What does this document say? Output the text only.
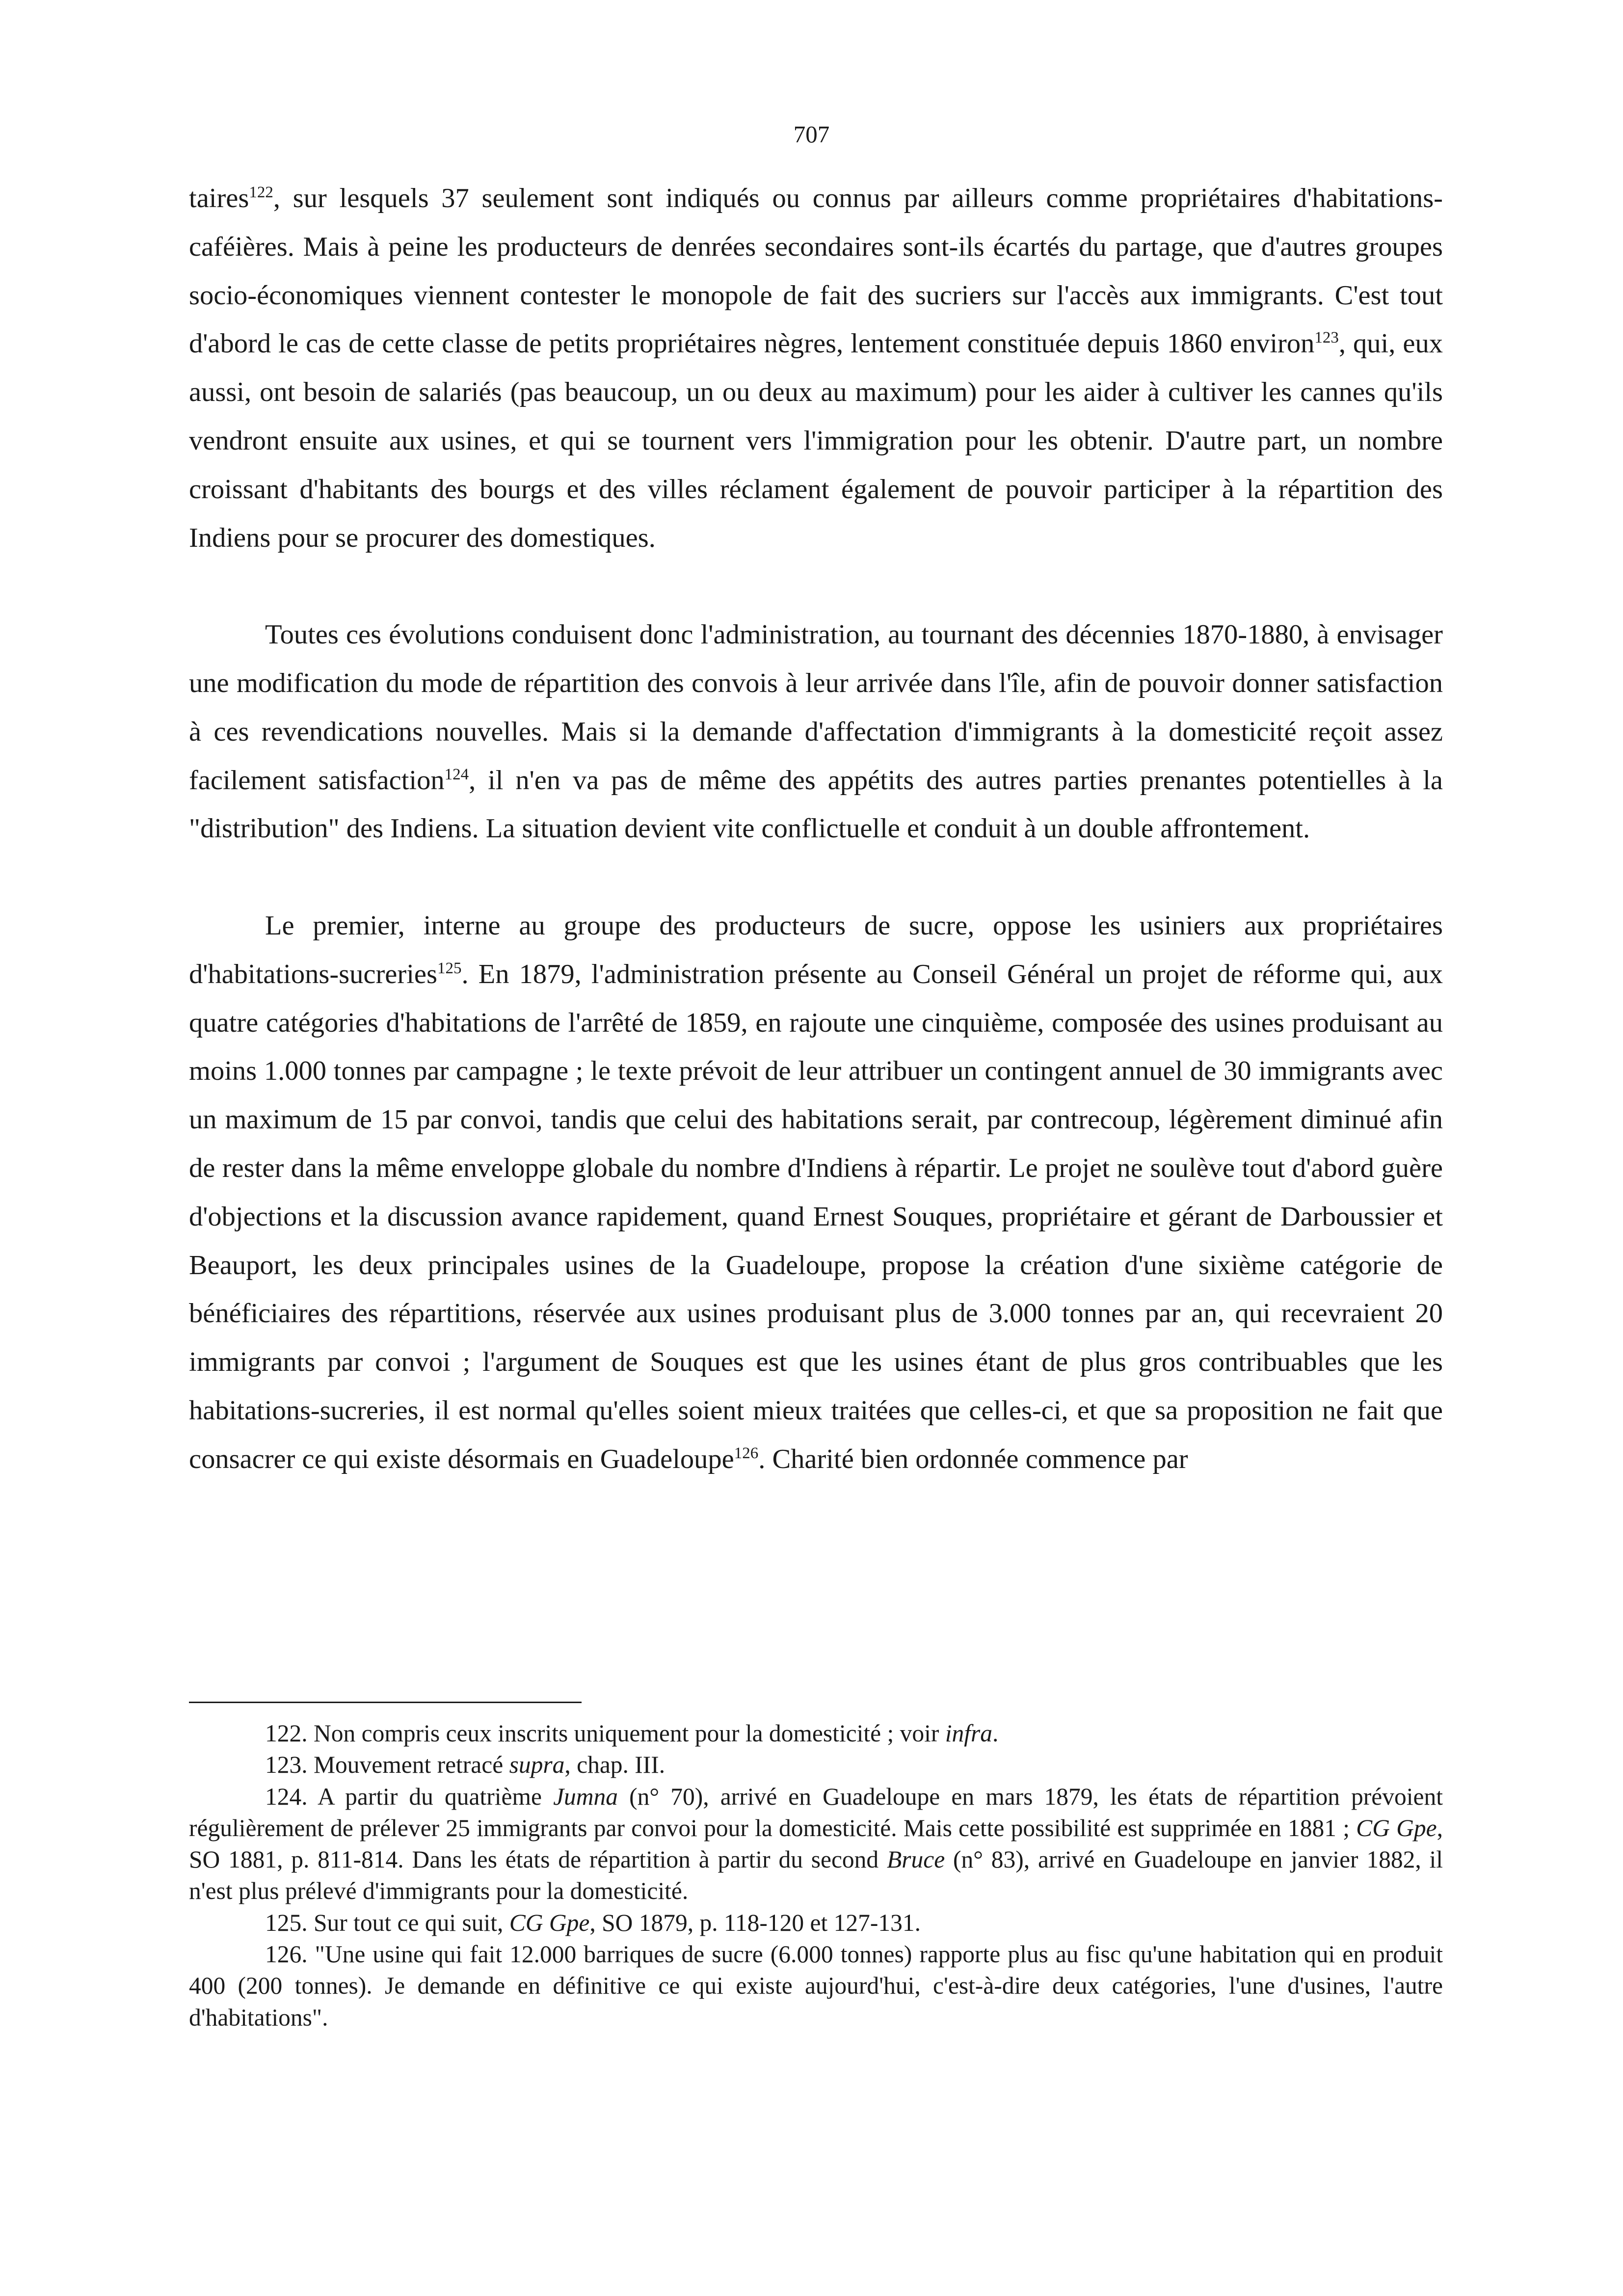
707

taires$^{122}$, sur lesquels 37 seulement sont indiqués ou connus par ailleurs comme propriétaires d'habitations-caféières. Mais à peine les producteurs de denrées secondaires sont-ils écartés du partage, que d'autres groupes socio-économiques viennent contester le monopole de fait des sucriers sur l'accès aux immigrants. C'est tout d'abord le cas de cette classe de petits propriétaires nègres, lentement constituée depuis 1860 environ$^{123}$, qui, eux aussi, ont besoin de salariés (pas beaucoup, un ou deux au maximum) pour les aider à cultiver les cannes qu'ils vendront ensuite aux usines, et qui se tournent vers l'immigration pour les obtenir. D'autre part, un nombre croissant d'habitants des bourgs et des villes réclament également de pouvoir participer à la répartition des Indiens pour se procurer des domestiques.

Toutes ces évolutions conduisent donc l'administration, au tournant des décennies 1870-1880, à envisager une modification du mode de répartition des convois à leur arrivée dans l'île, afin de pouvoir donner satisfaction à ces revendications nouvelles. Mais si la demande d'affectation d'immigrants à la domesticité reçoit assez facilement satisfaction$^{124}$, il n'en va pas de même des appétits des autres parties prenantes potentielles à la "distribution" des Indiens. La situation devient vite conflictuelle et conduit à un double affrontement.

Le premier, interne au groupe des producteurs de sucre, oppose les usiniers aux propriétaires d'habitations-sucreries$^{125}$. En 1879, l'administration présente au Conseil Général un projet de réforme qui, aux quatre catégories d'habitations de l'arrêté de 1859, en rajoute une cinquième, composée des usines produisant au moins 1.000 tonnes par campagne ; le texte prévoit de leur attribuer un contingent annuel de 30 immigrants avec un maximum de 15 par convoi, tandis que celui des habitations serait, par contrecoup, légèrement diminué afin de rester dans la même enveloppe globale du nombre d'Indiens à répartir. Le projet ne soulève tout d'abord guère d'objections et la discussion avance rapidement, quand Ernest Souques, propriétaire et gérant de Darboussier et Beauport, les deux principales usines de la Guadeloupe, propose la création d'une sixième catégorie de bénéficiaires des répartitions, réservée aux usines produisant plus de 3.000 tonnes par an, qui recevraient 20 immigrants par convoi ; l'argument de Souques est que les usines étant de plus gros contribuables que les habitations-sucreries, il est normal qu'elles soient mieux traitées que celles-ci, et que sa proposition ne fait que consacrer ce qui existe désormais en Guadeloupe$^{126}$. Charité bien ordonnée commence par

122. Non compris ceux inscrits uniquement pour la domesticité ; voir infra.

123. Mouvement retracé supra, chap. III.

124. A partir du quatrième Jumna (n° 70), arrivé en Guadeloupe en mars 1879, les états de répartition prévoient régulièrement de prélever 25 immigrants par convoi pour la domesticité. Mais cette possibilité est supprimée en 1881 ; CG Gpe, SO 1881, p. 811-814. Dans les états de répartition à partir du second Bruce (n° 83), arrivé en Guadeloupe en janvier 1882, il n'est plus prélevé d'immigrants pour la domesticité.

125. Sur tout ce qui suit, CG Gpe, SO 1879, p. 118-120 et 127-131.

126. "Une usine qui fait 12.000 barriques de sucre (6.000 tonnes) rapporte plus au fisc qu'une habitation qui en produit 400 (200 tonnes). Je demande en définitive ce qui existe aujourd'hui, c'est-à-dire deux catégories, l'une d'usines, l'autre d'habitations".
